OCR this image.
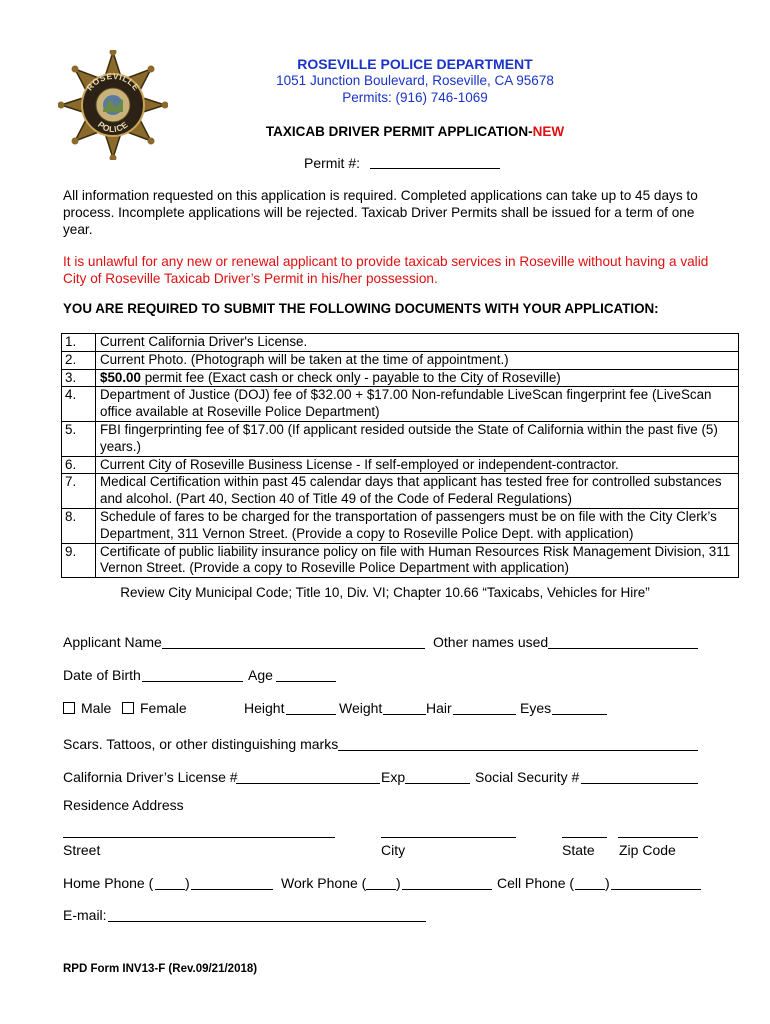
ROSEVILLE
POLICE
ROSEVILLE POLICE DEPARTMENT
1051 Junction Boulevard, Roseville, CA 95678
Permits: (916) 746-1069
TAXICAB DRIVER PERMIT APPLICATION-NEW
Permit #:

All information requested on this application is required. Completed applications can take up to 45 days to process. Incomplete applications will be rejected. Taxicab Driver Permits shall be issued for a term of one year.

It is unlawful for any new or renewal applicant to provide taxicab services in Roseville without having a valid City of Roseville Taxicab Driver’s Permit in his/her possession.

YOU ARE REQUIRED TO SUBMIT THE FOLLOWING DOCUMENTS WITH YOUR APPLICATION:
1.	Current California Driver's License.
2.	Current Photo. (Photograph will be taken at the time of appointment.)
3.	$50.00 permit fee (Exact cash or check only - payable to the City of Roseville)
4.	Department of Justice (DOJ) fee of $32.00 + $17.00 Non-refundable LiveScan fingerprint fee (LiveScan office available at Roseville Police Department)
5.	FBI fingerprinting fee of $17.00 (If applicant resided outside the State of California within the past five (5) years.)
6.	Current City of Roseville Business License - If self-employed or independent-contractor.
7.	Medical Certification within past 45 calendar days that applicant has tested free for controlled substances and alcohol. (Part 40, Section 40 of Title 49 of the Code of Federal Regulations)
8.	Schedule of fares to be charged for the transportation of passengers must be on file with the City Clerk’s Department, 311 Vernon Street. (Provide a copy to Roseville Police Dept. with application)
9.	Certificate of public liability insurance policy on file with Human Resources Risk Management Division, 311 Vernon Street. (Provide a copy to Roseville Police Department with application)
Review City Municipal Code; Title 10, Div. VI; Chapter 10.66 “Taxicabs, Vehicles for Hire”
Applicant Name	Other names used
Date of Birth	Age
Male	Female	Height	Weight	Hair	Eyes
Scars. Tattoos, or other distinguishing marks
California Driver’s License #	Exp	Social Security #
Residence Address
Street	City	State Zip Code
Home Phone ( )	Work Phone ( )	Cell Phone ( )
E-mail:
RPD Form INV13-F (Rev.09/21/2018)
